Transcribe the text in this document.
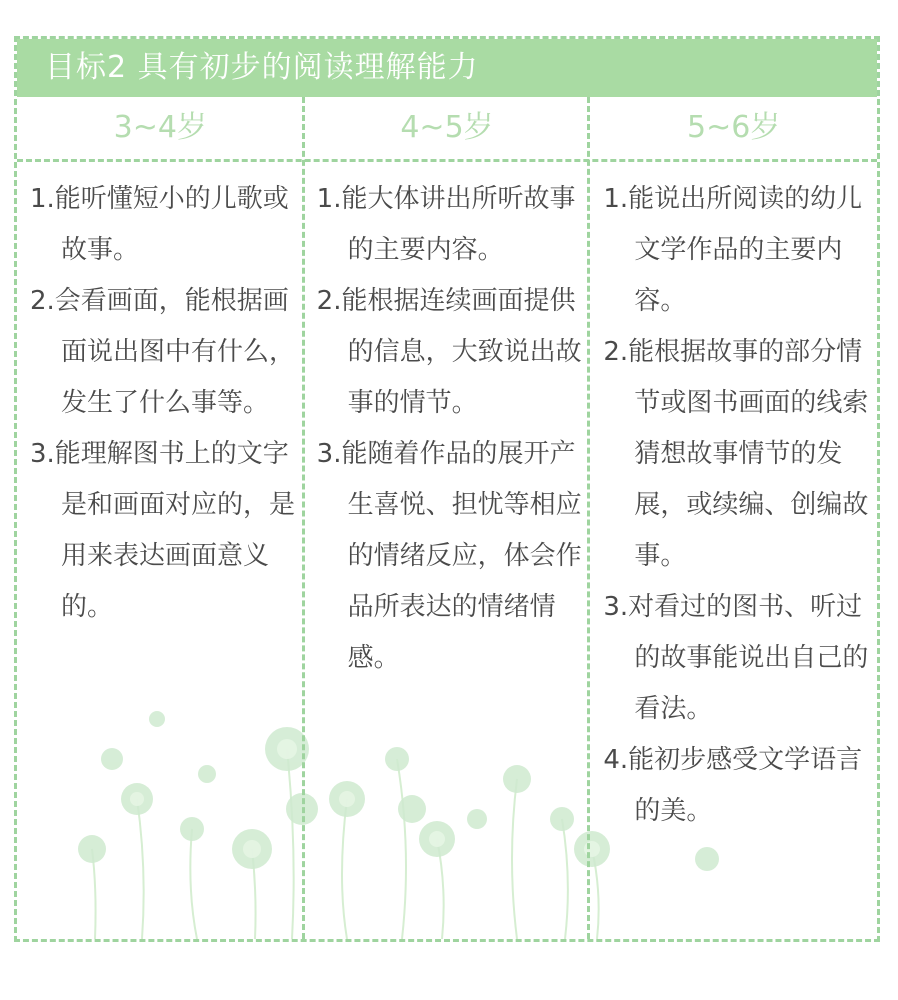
目标2 具有初步的阅读理解能力
3~4岁	4~5岁	5~6岁
1.能听懂短小的儿歌或故事。
2.会看画面，能根据画面说出图中有什么，发生了什么事等。
3.能理解图书上的文字是和画面对应的，是用来表达画面意义的。
1.能大体讲出所听故事的主要内容。
2.能根据连续画面提供的信息，大致说出故事的情节。
3.能随着作品的展开产生喜悦、担忧等相应的情绪反应，体会作品所表达的情绪情感。
1.能说出所阅读的幼儿文学作品的主要内容。
2.能根据故事的部分情节或图书画面的线索猜想故事情节的发展，或续编、创编故事。
3.对看过的图书、听过的故事能说出自己的看法。
4.能初步感受文学语言的美。
